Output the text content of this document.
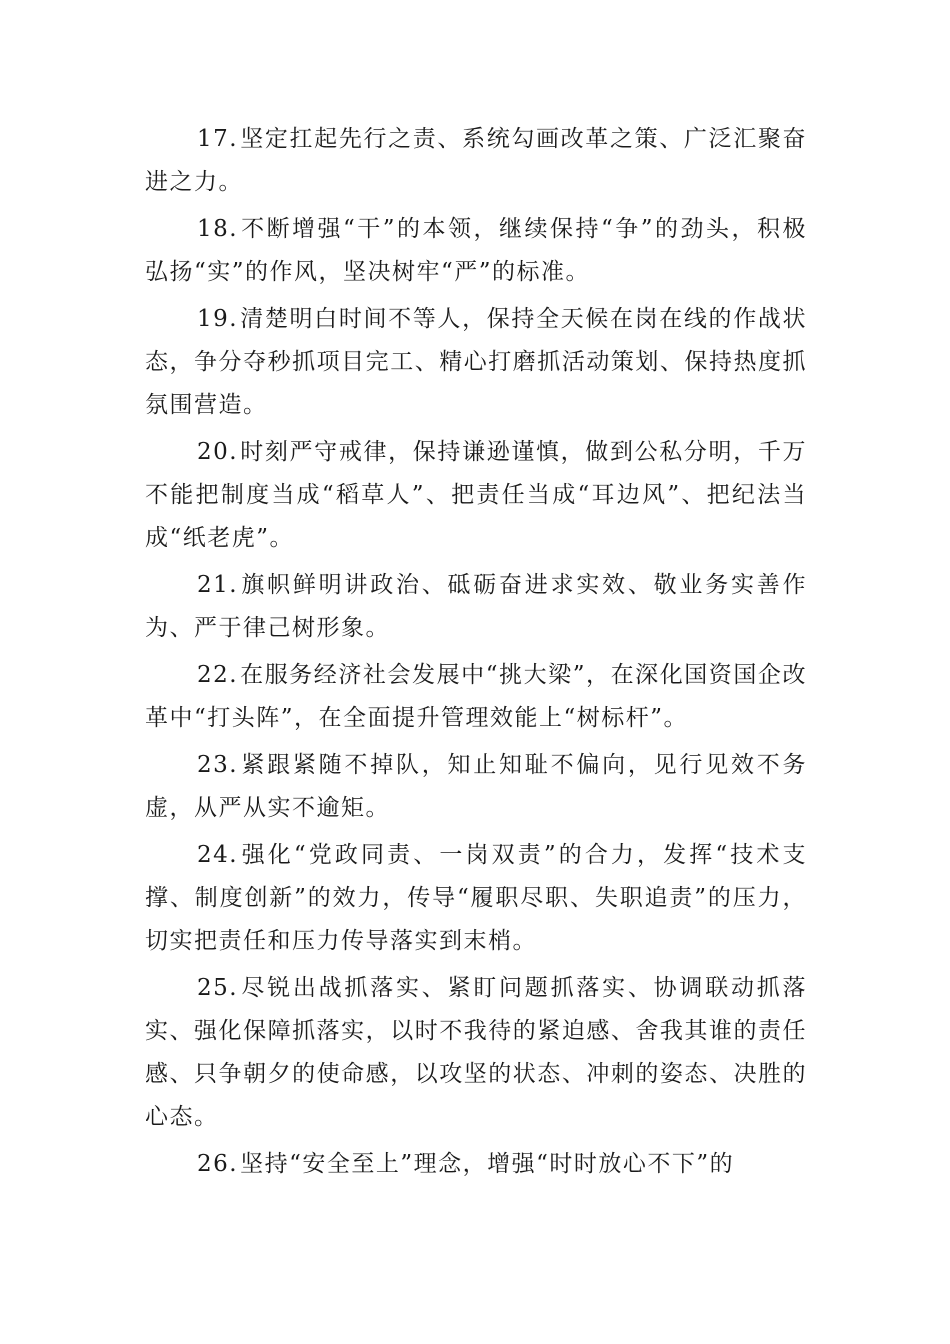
17.坚定扛起先行之责、系统勾画改革之策、广泛汇聚奋进之力。

18.不断增强“干”的本领，继续保持“争”的劲头，积极弘扬“实”的作风，坚决树牢“严”的标准。

19.清楚明白时间不等人，保持全天候在岗在线的作战状态，争分夺秒抓项目完工、精心打磨抓活动策划、保持热度抓氛围营造。

20.时刻严守戒律，保持谦逊谨慎，做到公私分明，千万不能把制度当成“稻草人”、把责任当成“耳边风”、把纪法当成“纸老虎”。

21.旗帜鲜明讲政治、砥砺奋进求实效、敬业务实善作为、严于律己树形象。

22.在服务经济社会发展中“挑大梁”，在深化国资国企改革中“打头阵”，在全面提升管理效能上“树标杆”。

23.紧跟紧随不掉队，知止知耻不偏向，见行见效不务虚，从严从实不逾矩。

24.强化“党政同责、一岗双责”的合力，发挥“技术支撑、制度创新”的效力，传导“履职尽职、失职追责”的压力，切实把责任和压力传导落实到末梢。

25.尽锐出战抓落实、紧盯问题抓落实、协调联动抓落实、强化保障抓落实，以时不我待的紧迫感、舍我其谁的责任感、只争朝夕的使命感，以攻坚的状态、冲刺的姿态、决胜的心态。

26.坚持“安全至上”理念，增强“时时放心不下”的
